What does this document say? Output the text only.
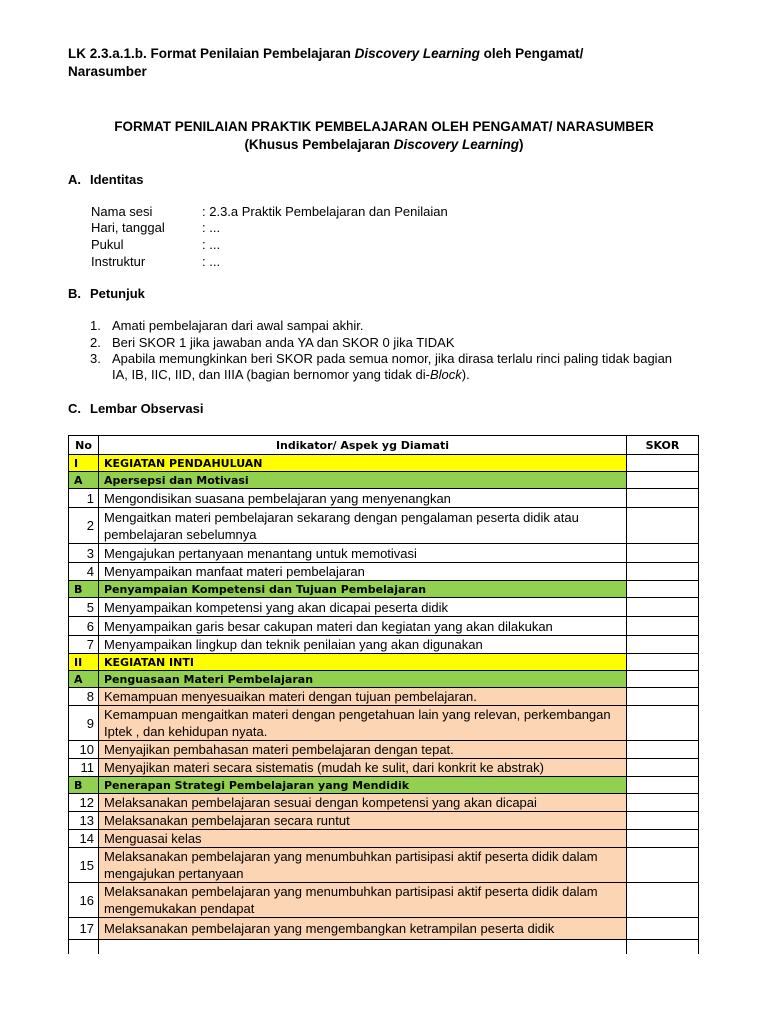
LK 2.3.a.1.b. Format Penilaian Pembelajaran Discovery Learning oleh Pengamat/
Narasumber
FORMAT PENILAIAN PRAKTIK PEMBELAJARAN OLEH PENGAMAT/ NARASUMBER
(Khusus Pembelajaran Discovery Learning)
A. Identitas
Nama sesi	: 2.3.a Praktik Pembelajaran dan Penilaian
Hari, tanggal	: ...
Pukul	: ...
Instruktur	: ...
B. Petunjuk
1. Amati pembelajaran dari awal sampai akhir.
2. Beri SKOR 1 jika jawaban anda YA dan SKOR 0 jika TIDAK
3. Apabila memungkinkan beri SKOR pada semua nomor, jika dirasa terlalu rinci paling tidak bagian IA, IB, IIC, IID, dan IIIA (bagian bernomor yang tidak di-Block).
C. Lembar Observasi
No	Indikator/ Aspek yg Diamati	SKOR
I	KEGIATAN PENDAHULUAN	
A	Apersepsi dan Motivasi	
1	Mengondisikan suasana pembelajaran yang menyenangkan	
2	Mengaitkan materi pembelajaran sekarang dengan pengalaman peserta didik atau pembelajaran sebelumnya	
3	Mengajukan pertanyaan menantang untuk memotivasi	
4	Menyampaikan manfaat materi pembelajaran	
B	Penyampaian Kompetensi dan Tujuan Pembelajaran	
5	Menyampaikan kompetensi yang akan dicapai peserta didik	
6	Menyampaikan garis besar cakupan materi dan kegiatan yang akan dilakukan	
7	Menyampaikan lingkup dan teknik penilaian yang akan digunakan	
II	KEGIATAN INTI	
A	Penguasaan Materi Pembelajaran	
8	Kemampuan menyesuaikan materi dengan tujuan pembelajaran.	
9	Kemampuan mengaitkan materi dengan pengetahuan lain yang relevan, perkembangan Iptek , dan kehidupan nyata.	
10	Menyajikan pembahasan materi pembelajaran dengan tepat.	
11	Menyajikan materi secara sistematis (mudah ke sulit, dari konkrit ke abstrak)	
B	Penerapan Strategi Pembelajaran yang Mendidik	
12	Melaksanakan pembelajaran sesuai dengan kompetensi yang akan dicapai	
13	Melaksanakan pembelajaran secara runtut	
14	Menguasai kelas	
15	Melaksanakan pembelajaran yang menumbuhkan partisipasi aktif peserta didik dalam mengajukan pertanyaan	
16	Melaksanakan pembelajaran yang menumbuhkan partisipasi aktif peserta didik dalam mengemukakan pendapat	
17	Melaksanakan pembelajaran yang mengembangkan ketrampilan peserta didik	
